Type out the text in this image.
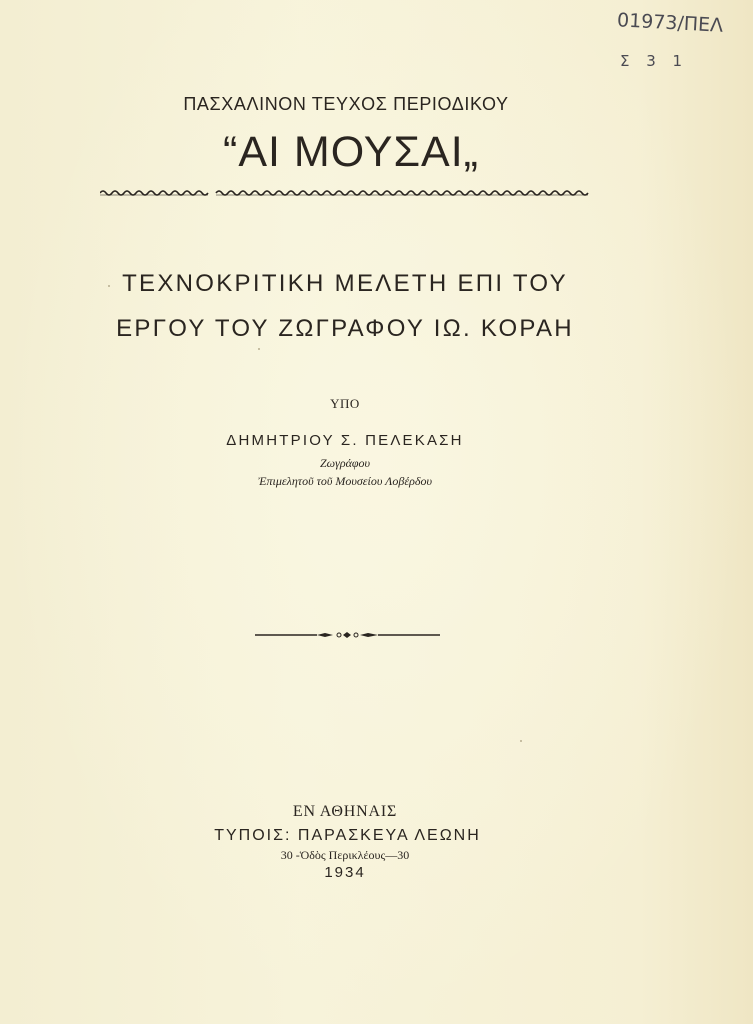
01973/ΠΕΛ
Σ 3 1
ΠΑΣΧΑΛΙΝΟΝ ΤΕΥΧΟΣ ΠΕΡΙΟΔΙΚΟΥ
“ΑΙ ΜΟΥΣΑΙ„
ΤΕΧΝΟΚΡΙΤΙΚΗ ΜΕΛΕΤΗ ΕΠΙ ΤΟΥ
ΕΡΓΟΥ ΤΟΥ ΖΩΓΡΑΦΟΥ ΙΩ. ΚΟΡΑΗ
ΥΠΟ
ΔΗΜΗΤΡΙΟΥ Σ. ΠΕΛΕΚΑΣΗ
Ζωγράφου
Ἐπιμελητοῦ τοῦ Μουσείου Λοβέρδου
ΕΝ ΑΘΗΝΑΙΣ
ΤΥΠΟΙΣ: ΠΑΡΑΣΚΕΥΑ ΛΕΩΝΗ
30 -Ὁδὸς Περικλέους—30
1934
